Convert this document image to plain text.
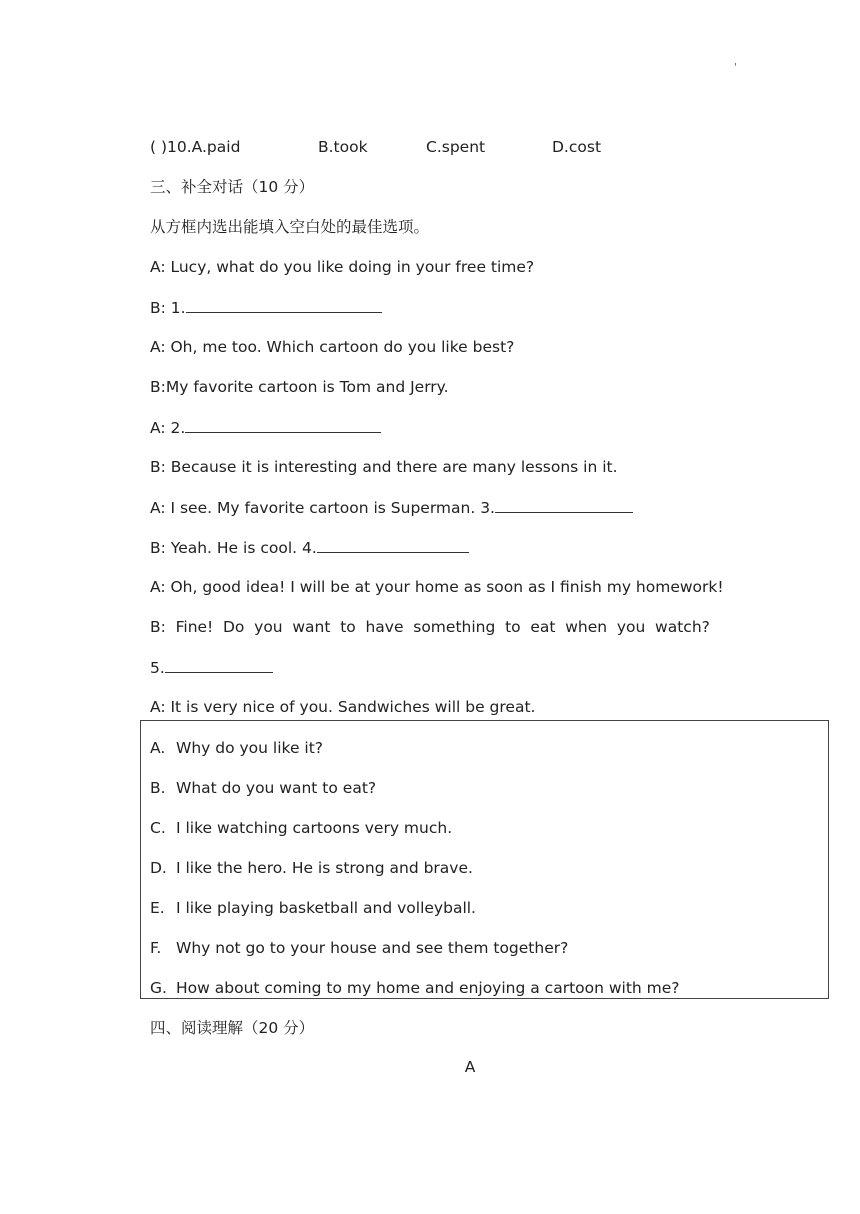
'
( )10.A.paid	B.took	C.spent	D.cost
三、补全对话（10 分）
从方框内选出能填入空白处的最佳选项。
A: Lucy, what do you like doing in your free time?
B: 1.
A: Oh, me too. Which cartoon do you like best?
B:My favorite cartoon is Tom and Jerry.
A: 2.
B: Because it is interesting and there are many lessons in it.
A: I see. My favorite cartoon is Superman. 3.
B: Yeah. He is cool. 4.
A: Oh, good idea! I will be at your home as soon as I finish my homework!
B: Fine! Do you want to have something to eat when you watch?
5.
A: It is very nice of you. Sandwiches will be great.
A. Why do you like it?
B. What do you want to eat?
C. I like watching cartoons very much.
D. I like the hero. He is strong and brave.
E. I like playing basketball and volleyball.
F. Why not go to your house and see them together?
G. How about coming to my home and enjoying a cartoon with me?
四、阅读理解（20 分）
A
